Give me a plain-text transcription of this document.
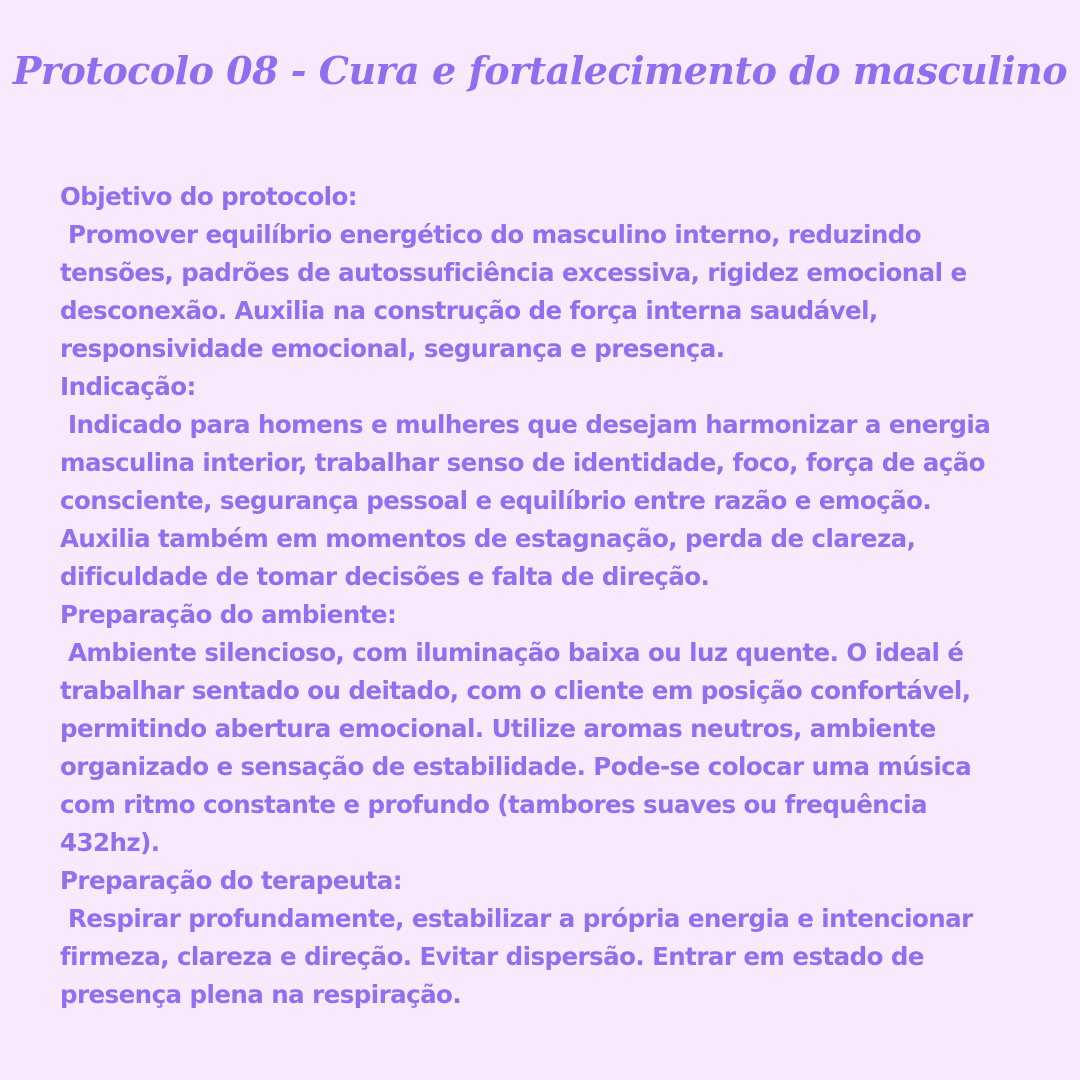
Protocolo 08 - Cura e fortalecimento do masculino
Objetivo do protocolo:
Promover equilíbrio energético do masculino interno, reduzindo
tensões, padrões de autossuficiência excessiva, rigidez emocional e
desconexão. Auxilia na construção de força interna saudável,
responsividade emocional, segurança e presença.
Indicação:
Indicado para homens e mulheres que desejam harmonizar a energia
masculina interior, trabalhar senso de identidade, foco, força de ação
consciente, segurança pessoal e equilíbrio entre razão e emoção.
Auxilia também em momentos de estagnação, perda de clareza,
dificuldade de tomar decisões e falta de direção.
Preparação do ambiente:
Ambiente silencioso, com iluminação baixa ou luz quente. O ideal é
trabalhar sentado ou deitado, com o cliente em posição confortável,
permitindo abertura emocional. Utilize aromas neutros, ambiente
organizado e sensação de estabilidade. Pode-se colocar uma música
com ritmo constante e profundo (tambores suaves ou frequência
432hz).
Preparação do terapeuta:
Respirar profundamente, estabilizar a própria energia e intencionar
firmeza, clareza e direção. Evitar dispersão. Entrar em estado de
presença plena na respiração.
